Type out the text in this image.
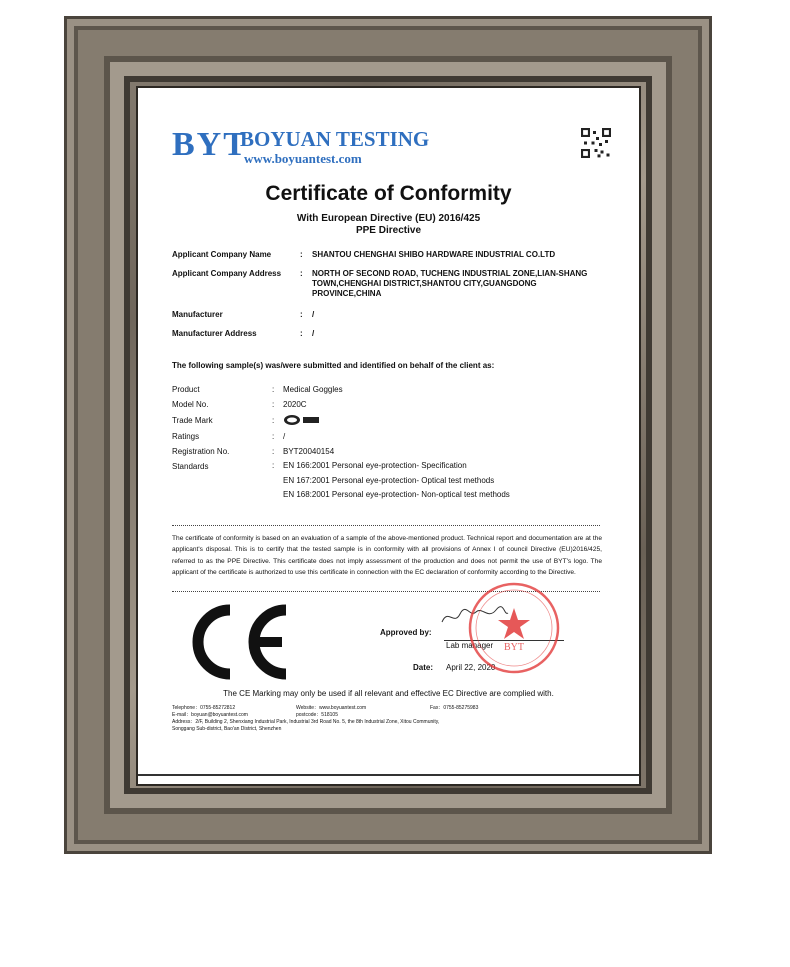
BYT
BOYUAN TESTING
www.boyuantest.com
Certificate of Conformity
With European Directive (EU) 2016/425
PPE Directive
Applicant Company Name	: SHANTOU CHENGHAI SHIBO HARDWARE INDUSTRIAL CO.LTD
Applicant Company Address : NORTH OF SECOND ROAD, TUCHENG INDUSTRIAL ZONE,LIAN-SHANG
TOWN,CHENGHAI DISTRICT,SHANTOU CITY,GUANGDONG
PROVINCE,CHINA
Manufacturer	: /
Manufacturer Address	: /
The following sample(s) was/were submitted and identified on behalf of the client as:
Product	: Medical Goggles
Model No.	: 2020C
Trade Mark	:
Ratings	: /
Registration No.	: BYT20040154
Standards	: EN 166:2001 Personal eye-protection- Specification
EN 167:2001 Personal eye-protection- Optical test methods
EN 168:2001 Personal eye-protection- Non-optical test methods
The certificate of conformity is based on an evaluation of a sample of the above-mentioned product. Technical report and documentation are at the applicant's disposal. This is to certify that the tested sample is in conformity with all provisions of Annex I of council Directive (EU)2016/425, referred to as the PPE Directive. This certificate does not imply assessment of the production and does not permit the use of BYT's logo. The applicant of the certificate is authorized to use this certificate in connection with the EC declaration of conformity according to the Directive.
Approved by:
Lab manager
Date: April 22, 2020
BYT
The CE Marking may only be used if all relevant and effective EC Directive are complied with.
Telephone：0755-85272812	Website：www.boyuantest.com	Fax：0755-85275983
E-mail：boyuan@boyuantest.com	postcode：518105
Address：2/F, Building 2, Shenxiang Industrial Park, Industrial 3rd Road No. 5, the 8th Industrial Zone, Xitou Community,
Songgang Sub-district, Bao'an District, Shenzhen
